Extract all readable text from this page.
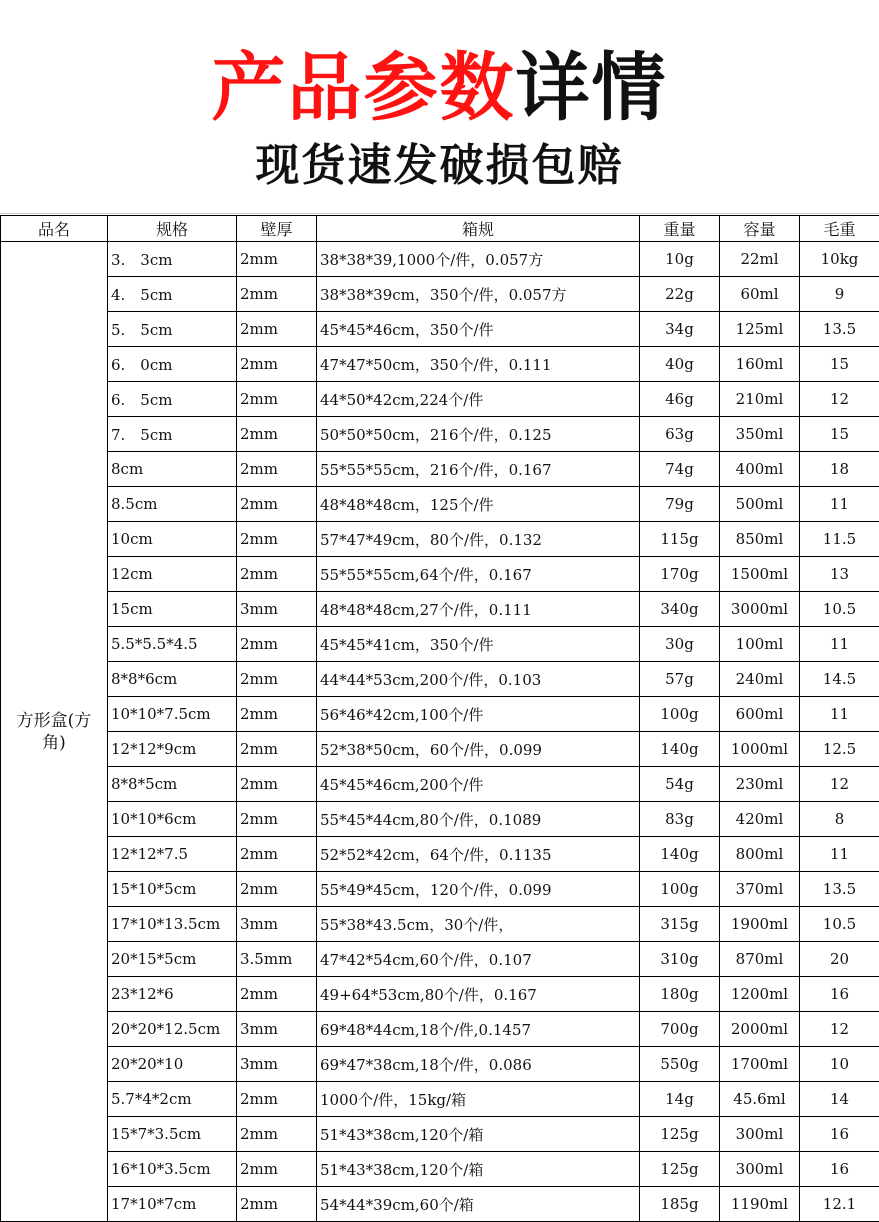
产品参数详情
现货速发破损包赔
品名	规格	壁厚	箱规	重量	容量	毛重
方形盒(方角)	3.　3cm	2mm	38*38*39,1000个/件，0.057方	10g	22ml	10kg
	4.　5cm	2mm	38*38*39cm，350个/件，0.057方	22g	60ml	9
	5.　5cm	2mm	45*45*46cm，350个/件	34g	125ml	13.5
	6.　0cm	2mm	47*47*50cm，350个/件，0.111	40g	160ml	15
	6.　5cm	2mm	44*50*42cm,224个/件	46g	210ml	12
	7.　5cm	2mm	50*50*50cm，216个/件，0.125	63g	350ml	15
	8cm	2mm	55*55*55cm，216个/件，0.167	74g	400ml	18
	8.5cm	2mm	48*48*48cm，125个/件	79g	500ml	11
	10cm	2mm	57*47*49cm，80个/件，0.132	115g	850ml	11.5
	12cm	2mm	55*55*55cm,64个/件，0.167	170g	1500ml	13
	15cm	3mm	48*48*48cm,27个/件，0.111	340g	3000ml	10.5
	5.5*5.5*4.5	2mm	45*45*41cm，350个/件	30g	100ml	11
	8*8*6cm	2mm	44*44*53cm,200个/件，0.103	57g	240ml	14.5
	10*10*7.5cm	2mm	56*46*42cm,100个/件	100g	600ml	11
	12*12*9cm	2mm	52*38*50cm，60个/件，0.099	140g	1000ml	12.5
	8*8*5cm	2mm	45*45*46cm,200个/件	54g	230ml	12
	10*10*6cm	2mm	55*45*44cm,80个/件，0.1089	83g	420ml	8
	12*12*7.5	2mm	52*52*42cm，64个/件，0.1135	140g	800ml	11
	15*10*5cm	2mm	55*49*45cm，120个/件，0.099	100g	370ml	13.5
	17*10*13.5cm	3mm	55*38*43.5cm，30个/件，	315g	1900ml	10.5
	20*15*5cm	3.5mm	47*42*54cm,60个/件，0.107	310g	870ml	20
	23*12*6	2mm	49+64*53cm,80个/件，0.167	180g	1200ml	16
	20*20*12.5cm	3mm	69*48*44cm,18个/件,0.1457	700g	2000ml	12
	20*20*10	3mm	69*47*38cm,18个/件，0.086	550g	1700ml	10
	5.7*4*2cm	2mm	1000个/件，15kg/箱	14g	45.6ml	14
	15*7*3.5cm	2mm	51*43*38cm,120个/箱	125g	300ml	16
	16*10*3.5cm	2mm	51*43*38cm,120个/箱	125g	300ml	16
	17*10*7cm	2mm	54*44*39cm,60个/箱	185g	1190ml	12.1
